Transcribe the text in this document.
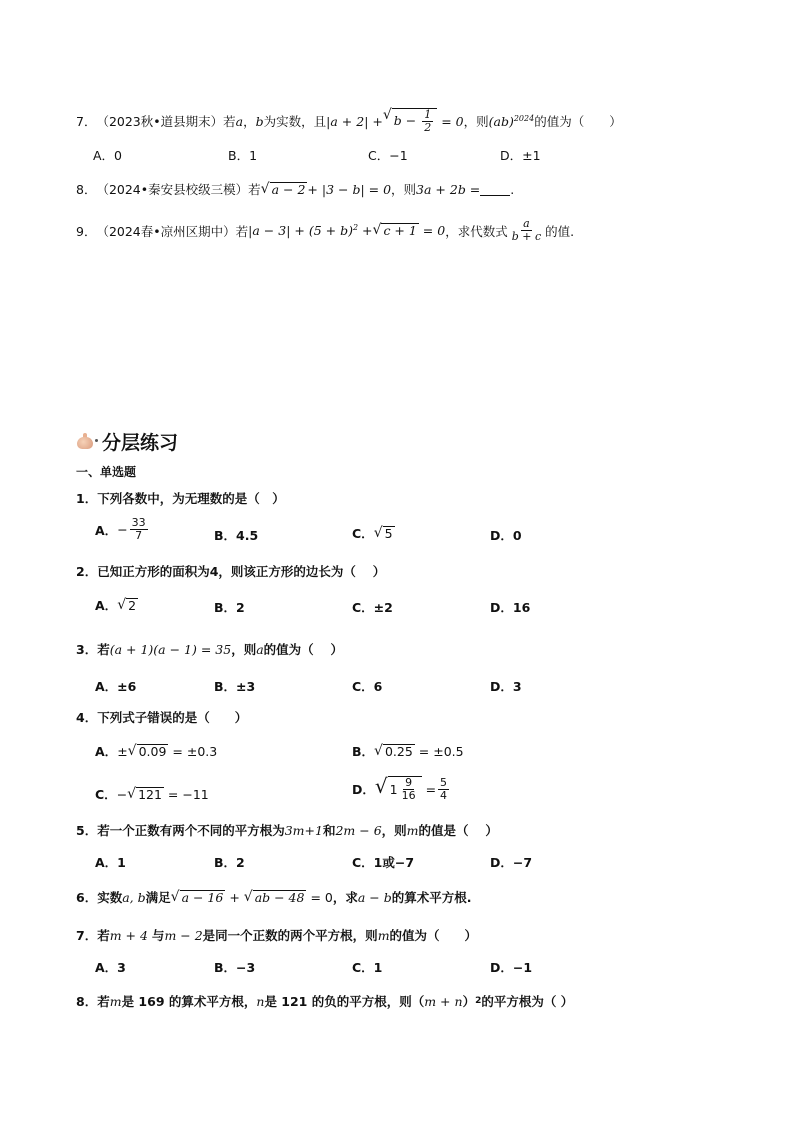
7． （2023秋•道县期末） 若 a ， b 为实数，且 |a + 2| + √ $b - \frac{1}{2} = 0$ ，则 (ab)$^{2024}$ 的值为（　　）
A．0	B．1	C．−1	D．±1
8． （2024•秦安县校级三模） 若 √ a − 2 + |3 − b| = 0 ，则 3a + 2b = .
9． （2024春•凉州区期中） 若 $|a - 3| + (5 + b)^2$ + √ c + 1 = 0 ，求代数式 $\frac{a}{b + c}$ 的值.
分层练习
一、单选题
1． 下列各数中，为无理数的是（　）
A． − $\frac{33}{7}$	B．4.5	C． √ 5	D．0
2． 已知正方形的面积为4，则该正方形的边长为（　 ）
A． √ 2	B．2	C．±2	D．16
3． 若 (a + 1)(a − 1) = 35 ，则 a 的值为（　 ）
A．±6	B．±3	C．6	D．3
4． 下列式子错误的是（　　）
A． ± √ 0.09 = ±0.3	B． √ 0.25 = ±0.5
C． − √ 121 = −11	D． √ $1 \frac{9}{16} = \frac{5}{4}$
5． 若一个正数有两个不同的平方根为 3m+1 和 2m − 6 ，则 m 的值是（　 ）
A．1	B．2	C．1或−7	D．−7
6． 实数 a, b 满足 √ a − 16 + √ ab − 48 = 0 ，求 a − b 的算术平方根.
7． 若 m + 4 与 m − 2 是同一个正数的两个平方根，则 m 的值为（　　）
A．3	B．−3	C．1	D．−1
8． 若 m 是 169 的算术平方根， n 是 121 的负的平方根，则（ m + n ） 2 的平方根为（ ）
